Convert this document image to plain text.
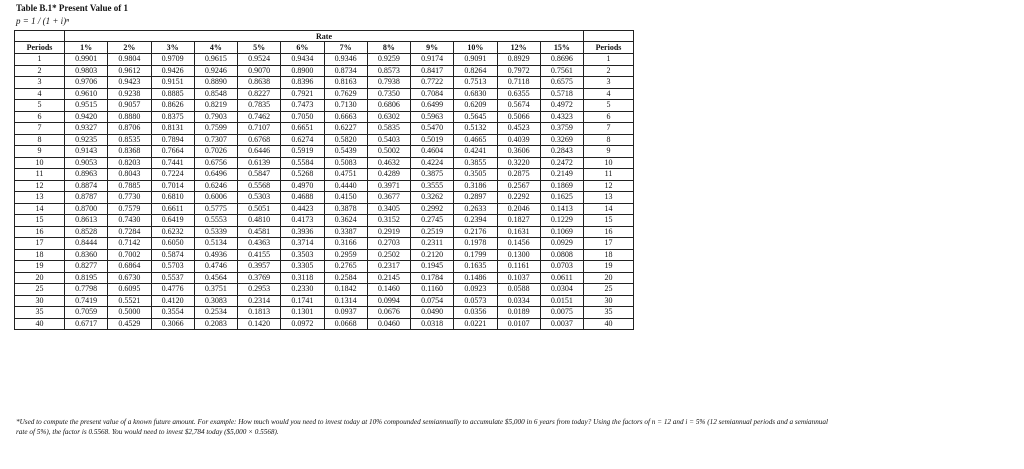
Table B.1* Present Value of 1
p = 1 / (1 + i)ⁿ
	Rate												
Periods	1%	2%	3%	4%	5%	6%	7%	8%	9%	10%	12%	15%	Periods
1	0.9901	0.9804	0.9709	0.9615	0.9524	0.9434	0.9346	0.9259	0.9174	0.9091	0.8929	0.8696	1
2	0.9803	0.9612	0.9426	0.9246	0.9070	0.8900	0.8734	0.8573	0.8417	0.8264	0.7972	0.7561	2
3	0.9706	0.9423	0.9151	0.8890	0.8638	0.8396	0.8163	0.7938	0.7722	0.7513	0.7118	0.6575	3
4	0.9610	0.9238	0.8885	0.8548	0.8227	0.7921	0.7629	0.7350	0.7084	0.6830	0.6355	0.5718	4
5	0.9515	0.9057	0.8626	0.8219	0.7835	0.7473	0.7130	0.6806	0.6499	0.6209	0.5674	0.4972	5
6	0.9420	0.8880	0.8375	0.7903	0.7462	0.7050	0.6663	0.6302	0.5963	0.5645	0.5066	0.4323	6
7	0.9327	0.8706	0.8131	0.7599	0.7107	0.6651	0.6227	0.5835	0.5470	0.5132	0.4523	0.3759	7
8	0.9235	0.8535	0.7894	0.7307	0.6768	0.6274	0.5820	0.5403	0.5019	0.4665	0.4039	0.3269	8
9	0.9143	0.8368	0.7664	0.7026	0.6446	0.5919	0.5439	0.5002	0.4604	0.4241	0.3606	0.2843	9
10	0.9053	0.8203	0.7441	0.6756	0.6139	0.5584	0.5083	0.4632	0.4224	0.3855	0.3220	0.2472	10
11	0.8963	0.8043	0.7224	0.6496	0.5847	0.5268	0.4751	0.4289	0.3875	0.3505	0.2875	0.2149	11
12	0.8874	0.7885	0.7014	0.6246	0.5568	0.4970	0.4440	0.3971	0.3555	0.3186	0.2567	0.1869	12
13	0.8787	0.7730	0.6810	0.6006	0.5303	0.4688	0.4150	0.3677	0.3262	0.2897	0.2292	0.1625	13
14	0.8700	0.7579	0.6611	0.5775	0.5051	0.4423	0.3878	0.3405	0.2992	0.2633	0.2046	0.1413	14
15	0.8613	0.7430	0.6419	0.5553	0.4810	0.4173	0.3624	0.3152	0.2745	0.2394	0.1827	0.1229	15
16	0.8528	0.7284	0.6232	0.5339	0.4581	0.3936	0.3387	0.2919	0.2519	0.2176	0.1631	0.1069	16
17	0.8444	0.7142	0.6050	0.5134	0.4363	0.3714	0.3166	0.2703	0.2311	0.1978	0.1456	0.0929	17
18	0.8360	0.7002	0.5874	0.4936	0.4155	0.3503	0.2959	0.2502	0.2120	0.1799	0.1300	0.0808	18
19	0.8277	0.6864	0.5703	0.4746	0.3957	0.3305	0.2765	0.2317	0.1945	0.1635	0.1161	0.0703	19
20	0.8195	0.6730	0.5537	0.4564	0.3769	0.3118	0.2584	0.2145	0.1784	0.1486	0.1037	0.0611	20
25	0.7798	0.6095	0.4776	0.3751	0.2953	0.2330	0.1842	0.1460	0.1160	0.0923	0.0588	0.0304	25
30	0.7419	0.5521	0.4120	0.3083	0.2314	0.1741	0.1314	0.0994	0.0754	0.0573	0.0334	0.0151	30
35	0.7059	0.5000	0.3554	0.2534	0.1813	0.1301	0.0937	0.0676	0.0490	0.0356	0.0189	0.0075	35
40	0.6717	0.4529	0.3066	0.2083	0.1420	0.0972	0.0668	0.0460	0.0318	0.0221	0.0107	0.0037	40
*Used to compute the present value of a known future amount. For example: How much would you need to invest today at 10% compounded semiannually to accumulate $5,000 in 6 years from today? Using the factors of n = 12 and i = 5% (12 semiannual periods and a semiannual
rate of 5%), the factor is 0.5568. You would need to invest $2,784 today ($5,000 × 0.5568).
